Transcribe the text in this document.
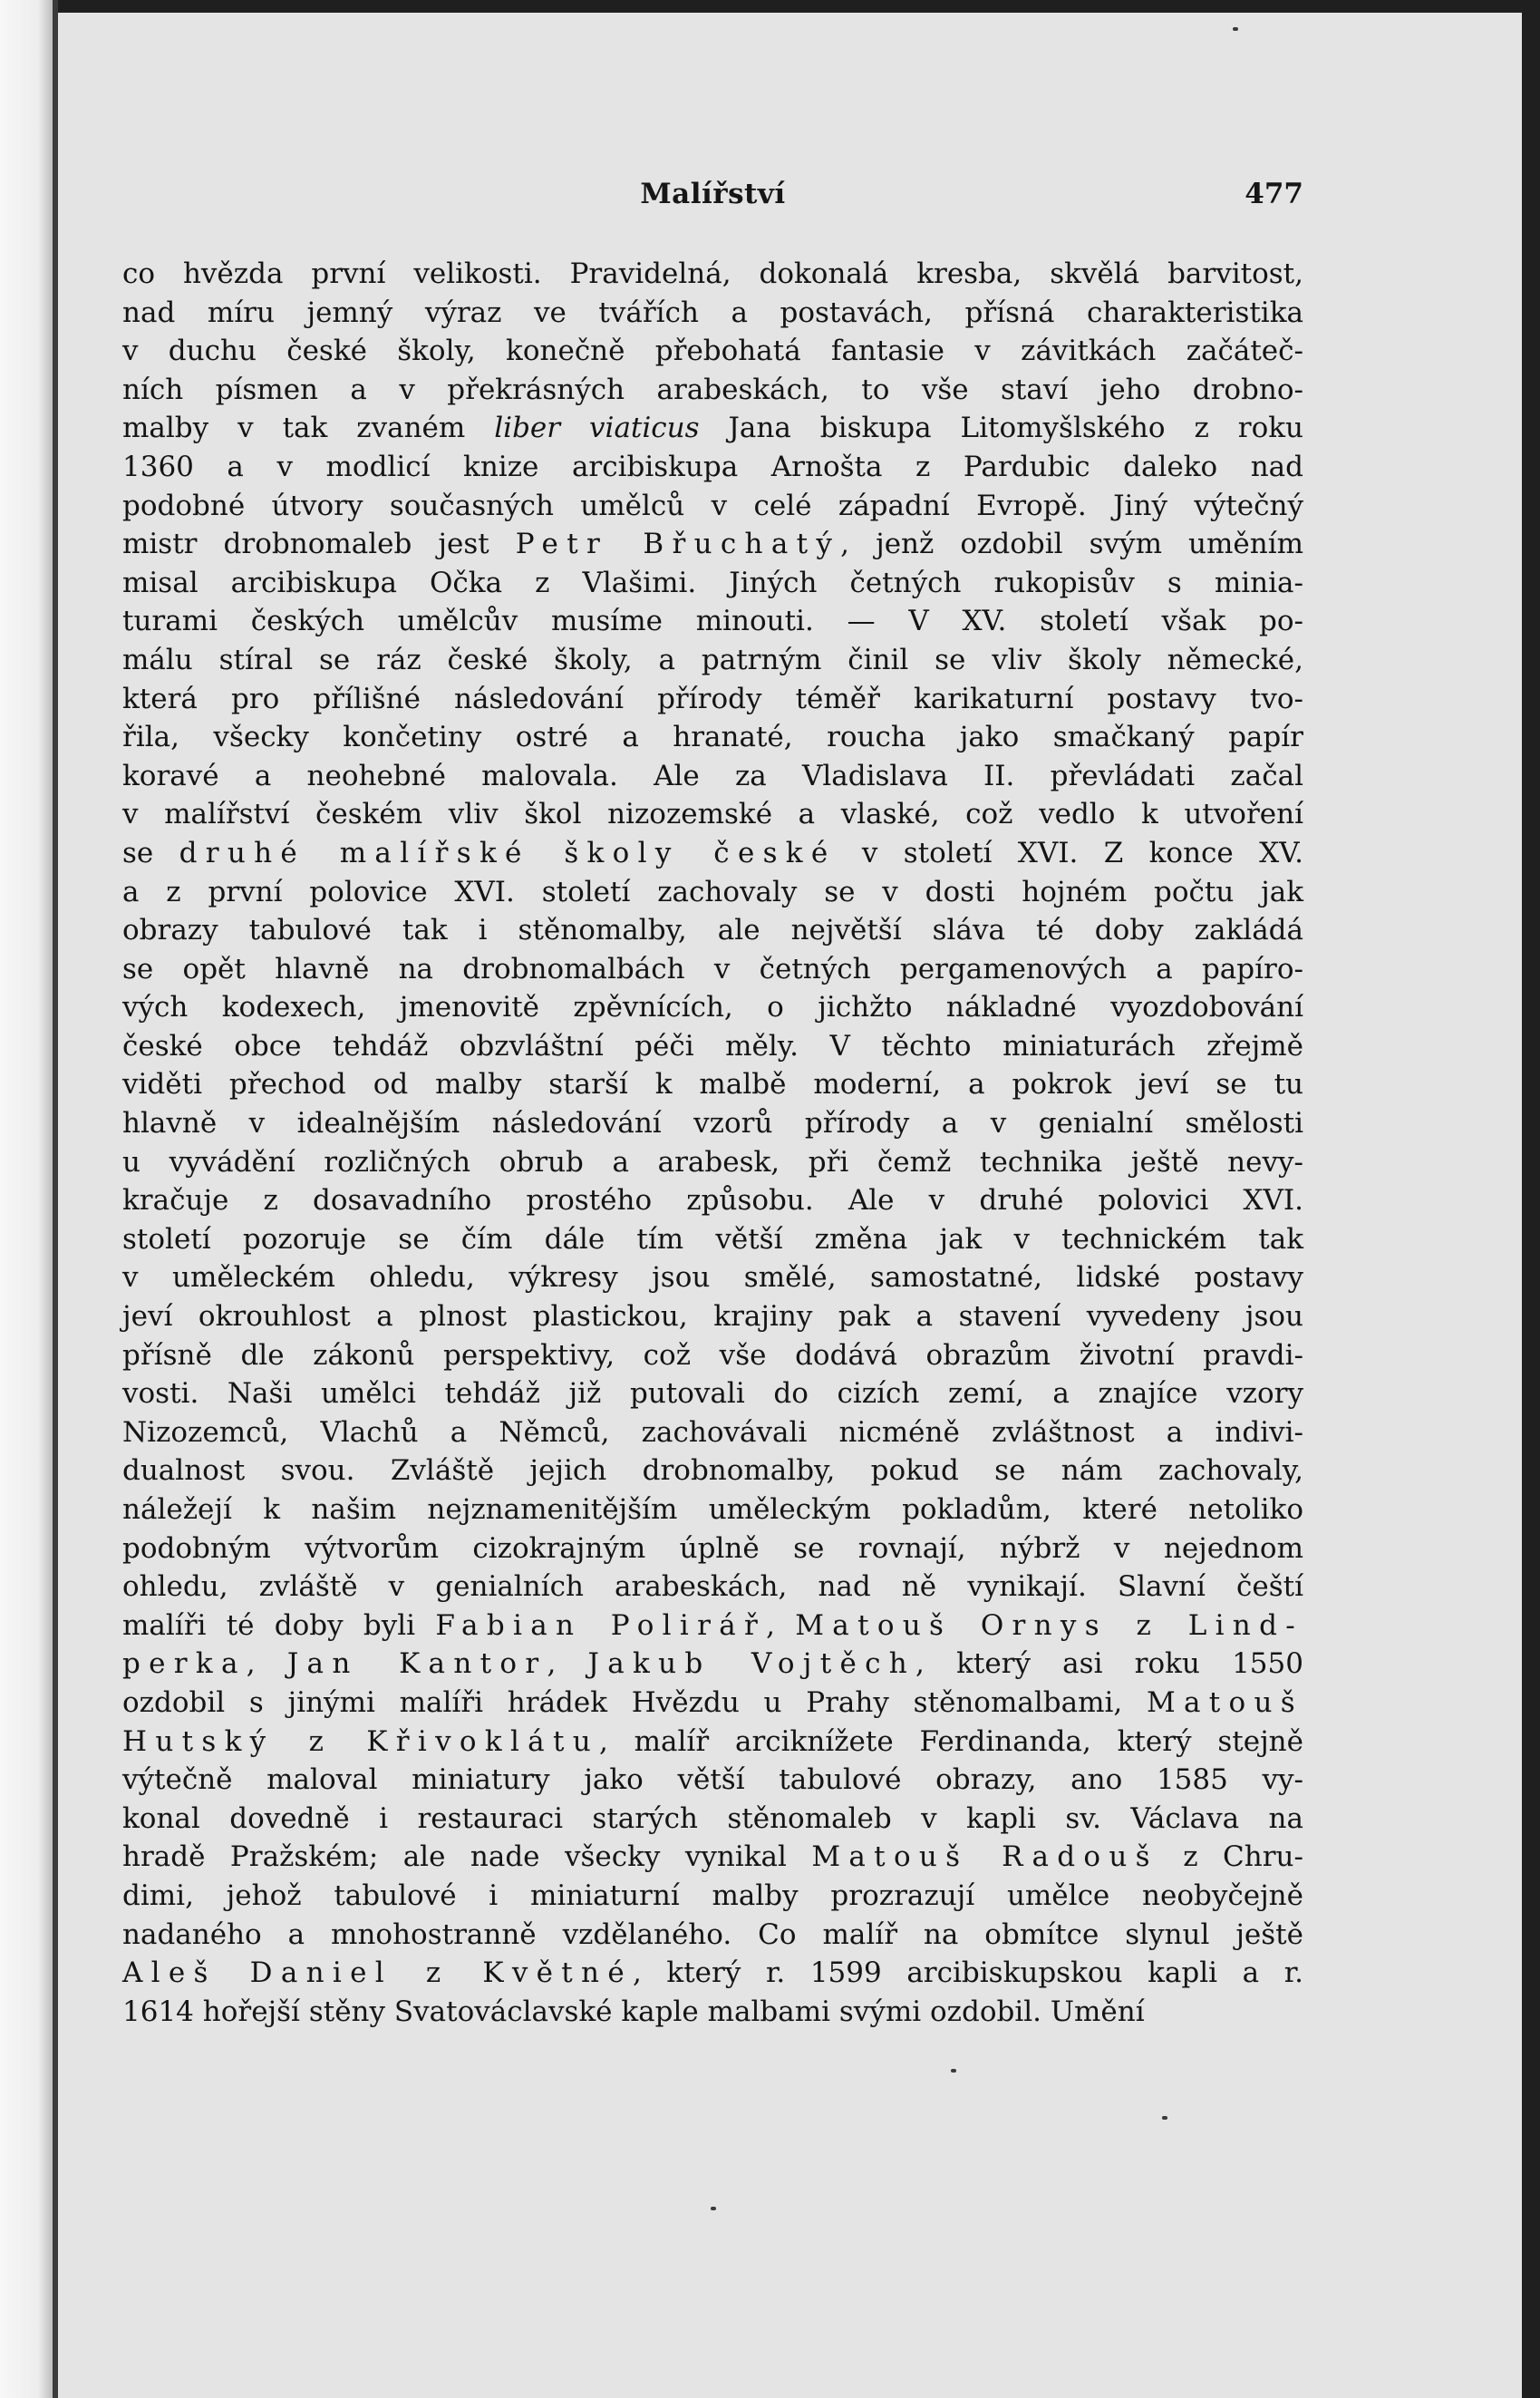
Malířství	477
co hvězda první velikosti. Pravidelná, dokonalá kresba, skvělá barvitost,
nad míru jemný výraz ve tvářích a postavách, přísná charakteristika
v duchu české školy, konečně přebohatá fantasie v závitkách začáteč-
ních písmen a v překrásných arabeskách, to vše staví jeho drobno-
malby v tak zvaném liber viaticus Jana biskupa Litomyšlského z roku
1360 a v modlicí knize arcibiskupa Arnošta z Pardubic daleko nad
podobné útvory současných umělců v celé západní Evropě. Jiný výtečný
mistr drobnomaleb jest Petr Břuchatý, jenž ozdobil svým uměním
misal arcibiskupa Očka z Vlašimi. Jiných četných rukopisův s minia-
turami českých umělcův musíme minouti. — V XV. století však po-
málu stíral se ráz české školy, a patrným činil se vliv školy německé,
která pro přílišné následování přírody téměř karikaturní postavy tvo-
řila, všecky končetiny ostré a hranaté, roucha jako smačkaný papír
koravé a neohebné malovala. Ale za Vladislava II. převládati začal
v malířství českém vliv škol nizozemské a vlaské, což vedlo k utvoření
se druhé malířské školy české v století XVI. Z konce XV.
a z první polovice XVI. století zachovaly se v dosti hojném počtu jak
obrazy tabulové tak i stěnomalby, ale největší sláva té doby zakládá
se opět hlavně na drobnomalbách v četných pergamenových a papíro-
vých kodexech, jmenovitě zpěvnících, o jichžto nákladné vyozdobování
české obce tehdáž obzvláštní péči měly. V těchto miniaturách zřejmě
viděti přechod od malby starší k malbě moderní, a pokrok jeví se tu
hlavně v idealnějším následování vzorů přírody a v genialní smělosti
u vyvádění rozličných obrub a arabesk, při čemž technika ještě nevy-
kračuje z dosavadního prostého způsobu. Ale v druhé polovici XVI.
století pozoruje se čím dále tím větší změna jak v technickém tak
v uměleckém ohledu, výkresy jsou smělé, samostatné, lidské postavy
jeví okrouhlost a plnost plastickou, krajiny pak a stavení vyvedeny jsou
přísně dle zákonů perspektivy, což vše dodává obrazům životní pravdi-
vosti. Naši umělci tehdáž již putovali do cizích zemí, a znajíce vzory
Nizozemců, Vlachů a Němců, zachovávali nicméně zvláštnost a indivi-
dualnost svou. Zvláště jejich drobnomalby, pokud se nám zachovaly,
náležejí k našim nejznamenitějším uměleckým pokladům, které netoliko
podobným výtvorům cizokrajným úplně se rovnají, nýbrž v nejednom
ohledu, zvláště v genialních arabeskách, nad ně vynikají. Slavní čeští
malíři té doby byli Fabian Polirář, Matouš Ornys z Lind-
perka, Jan Kantor, Jakub Vojtěch, který asi roku 1550
ozdobil s jinými malíři hrádek Hvězdu u Prahy stěnomalbami, Matouš
Hutský z Křivoklátu, malíř arciknížete Ferdinanda, který stejně
výtečně maloval miniatury jako větší tabulové obrazy, ano 1585 vy-
konal dovedně i restauraci starých stěnomaleb v kapli sv. Václava na
hradě Pražském; ale nade všecky vynikal Matouš Radouš z Chru-
dimi, jehož tabulové i miniaturní malby prozrazují umělce neobyčejně
nadaného a mnohostranně vzdělaného. Co malíř na obmítce slynul ještě
Aleš Daniel z Květné, který r. 1599 arcibiskupskou kapli a r.
1614 hořejší stěny Svatováclavské kaple malbami svými ozdobil. Umění
